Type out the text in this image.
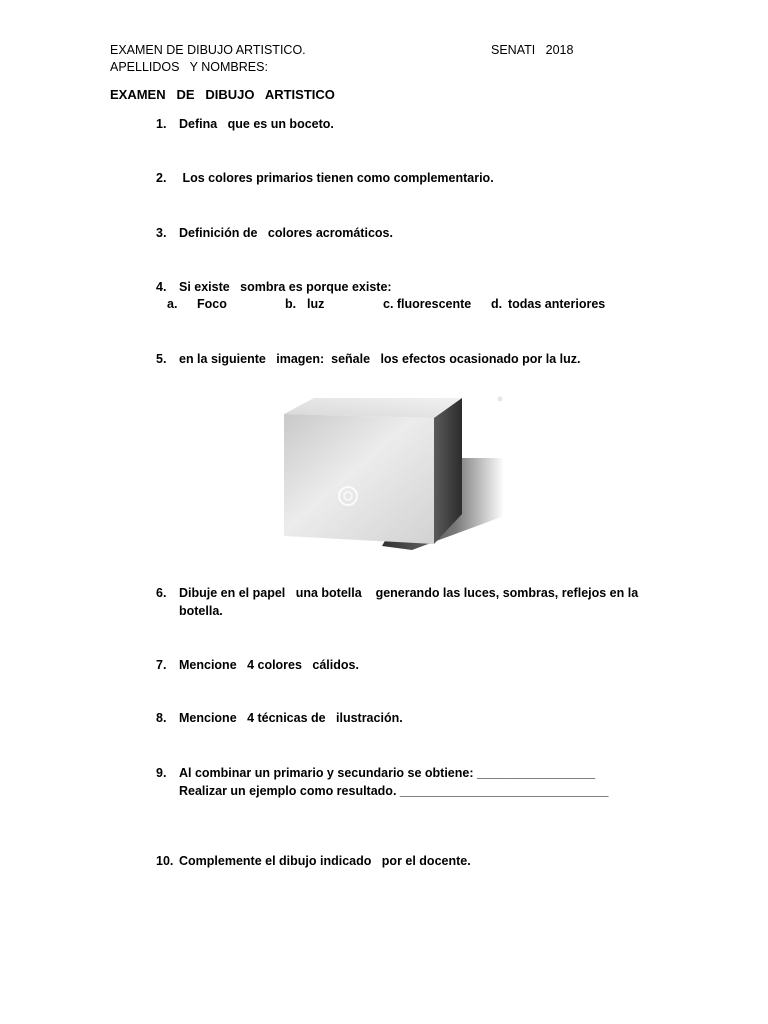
EXAMEN DE DIBUJO ARTISTICO.	SENATI   2018
APELLIDOS   Y NOMBRES:
EXAMEN   DE   DIBUJO   ARTISTICO
1. Defina   que es un boceto.
2. Los colores primarios tienen como complementario.
3. Definición de   colores acromáticos.
4. Si existe   sombra es porque existe:
a. Foco	b. luz	c. fluorescente d. todas anteriores
5. en la siguiente   imagen:  señale   los efectos ocasionado por la luz.
6. Dibuje en el papel   una botella    generando las luces, sombras, reflejos en la
botella.
7. Mencione   4 colores   cálidos.
8. Mencione   4 técnicas de   ilustración.
9. Al combinar un primario y secundario se obtiene: _________________
Realizar un ejemplo como resultado. ______________________________
10. Complemente el dibujo indicado   por el docente.
